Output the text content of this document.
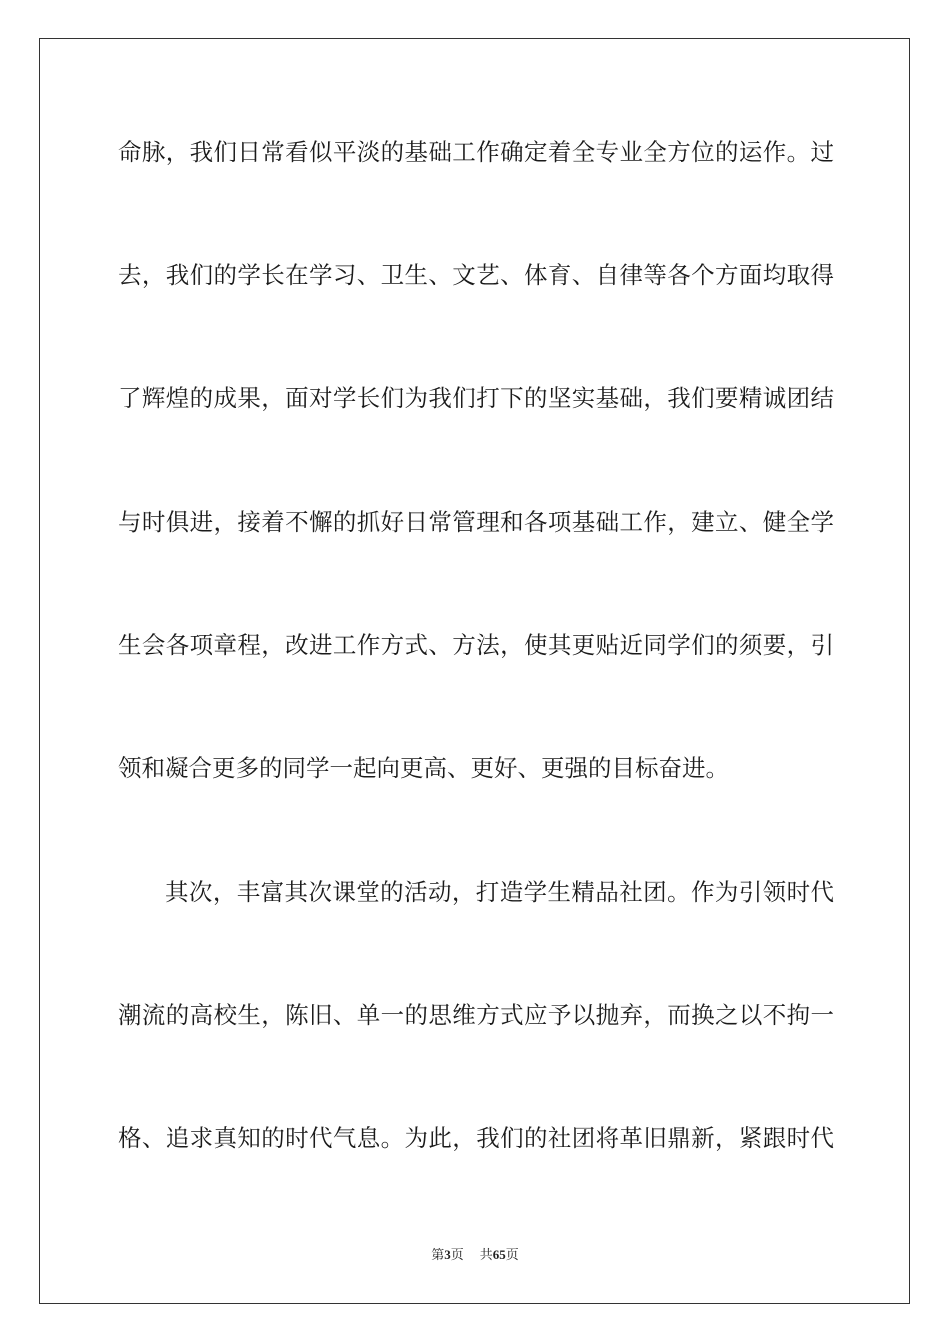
命脉，我们日常看似平淡的基础工作确定着全专业全方位的运作。过
去，我们的学长在学习、卫生、文艺、体育、自律等各个方面均取得
了辉煌的成果，面对学长们为我们打下的坚实基础，我们要精诚团结
与时俱进，接着不懈的抓好日常管理和各项基础工作，建立、健全学
生会各项章程，改进工作方式、方法，使其更贴近同学们的须要，引
领和凝合更多的同学一起向更高、更好、更强的目标奋进。
其次，丰富其次课堂的活动，打造学生精品社团。作为引领时代
潮流的高校生，陈旧、单一的思维方式应予以抛弃，而换之以不拘一
格、追求真知的时代气息。为此，我们的社团将革旧鼎新，紧跟时代
第3页 共65页
